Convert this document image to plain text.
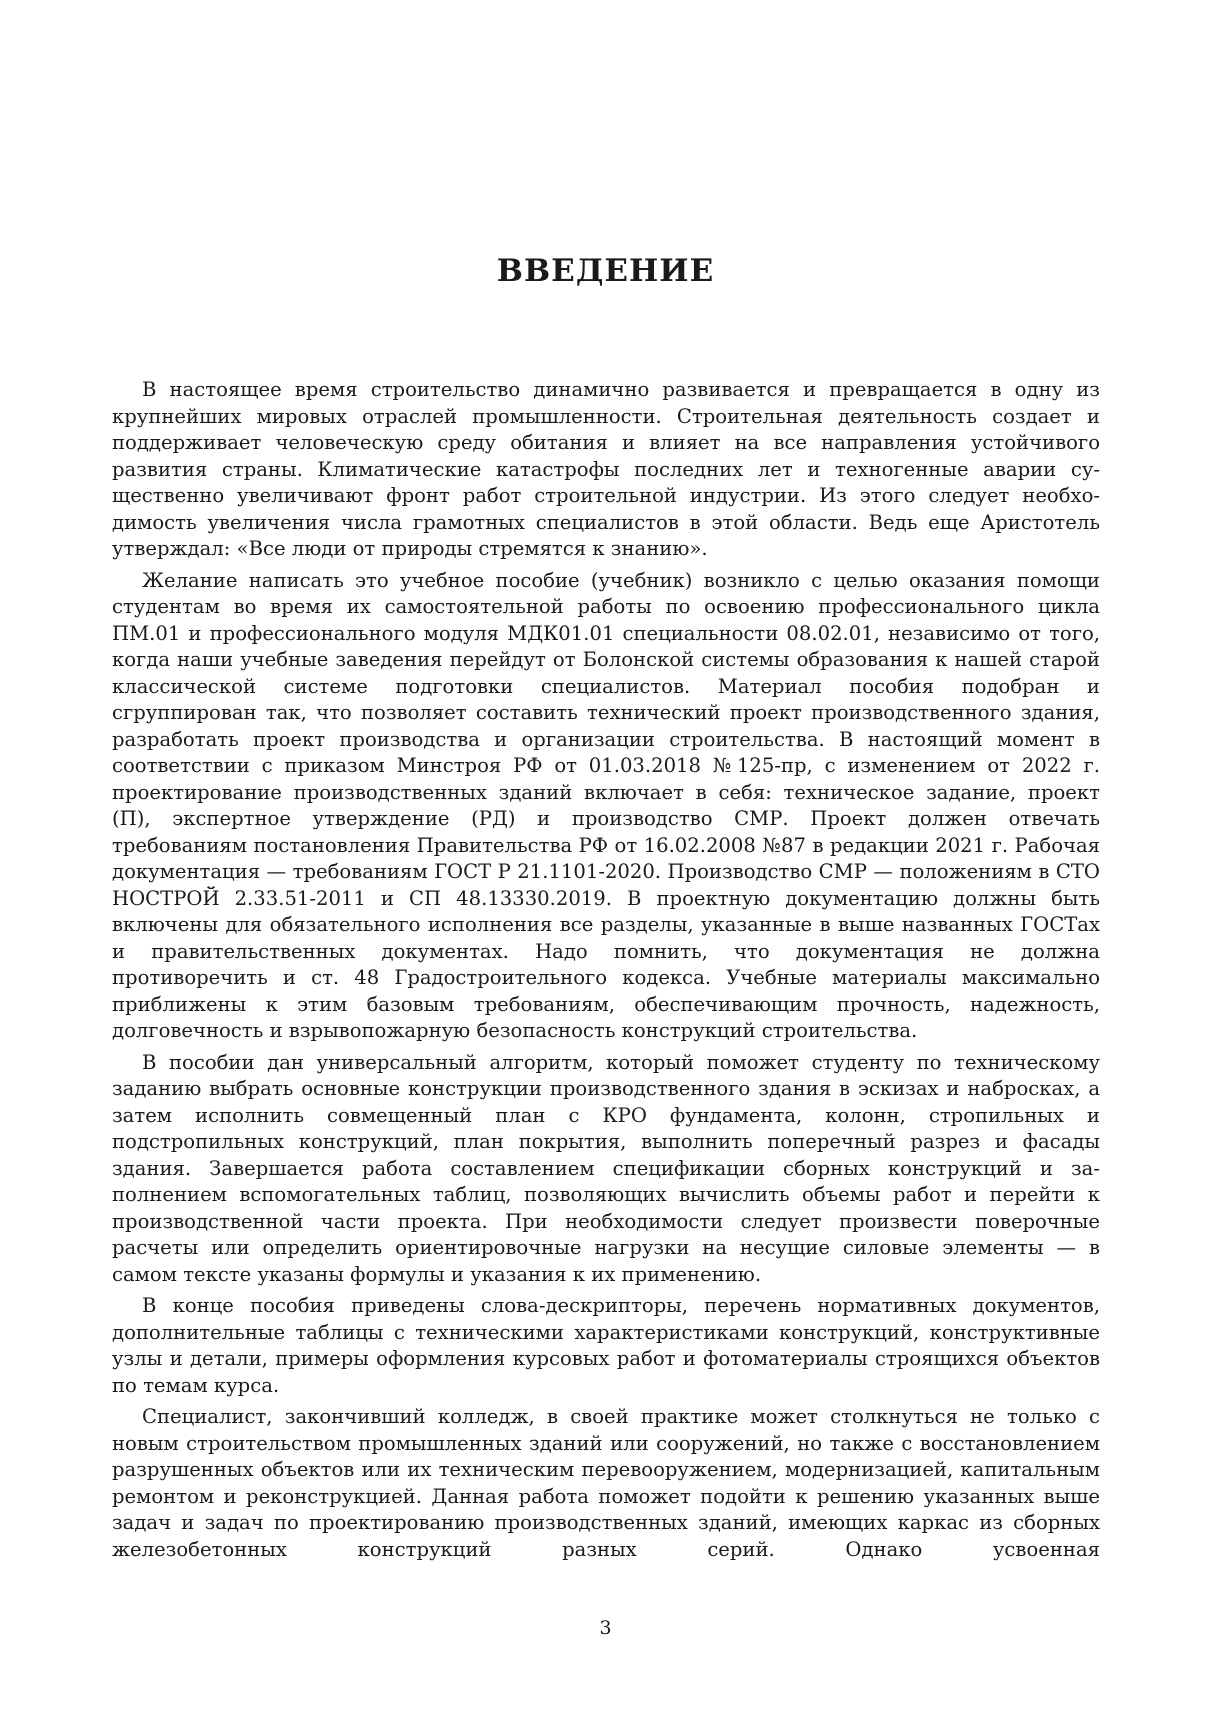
ВВЕДЕНИЕ

В настоящее время строительство динамично развивается и превращается в одну из крупнейших мировых отраслей промышленности. Строительная деятельность создает и поддерживает человеческую среду обитания и влияет на все направления устойчивого развития страны. Климатические катастрофы последних лет и техногенные аварии существенно увеличивают фронт работ строительной индустрии. Из этого следует необходимость увеличения числа грамотных специалистов в этой области. Ведь еще Аристотель утверждал: «Все люди от природы стремятся к знанию».

Желание написать это учебное пособие (учебник) возникло с целью оказания помощи студентам во время их самостоятельной работы по освоению профессионального цикла ПМ.01 и профессионального модуля МДК01.01 специальности 08.02.01, независимо от того, когда наши учебные заведения перейдут от Болонской системы образования к нашей старой классической системе подготовки специалистов. Материал пособия подобран и сгруппирован так, что позволяет составить технический проект производственного здания, разработать проект производства и организации строительства. В настоящий момент в соответствии с приказом Минстроя РФ от 01.03.2018 №125-пр, с изменением от 2022 г. проектирование производственных зданий включает в себя: техническое задание, проект (П), экспертное утверждение (РД) и производство СМР. Проект должен отвечать требованиям постановления Правительства РФ от 16.02.2008 №87 в редакции 2021 г. Рабочая документация — требованиям ГОСТ Р 21.1101-2020. Производство СМР — положениям в СТО НОСТРОЙ 2.33.51-2011 и СП 48.13330.2019. В проектную документацию должны быть включены для обязательного исполнения все разделы, указанные в выше названных ГОСТах и правительственных документах. Надо помнить, что документация не должна противоречить и ст. 48 Градостроительного кодекса. Учебные материалы максимально приближены к этим базовым требованиям, обеспечивающим прочность, надежность, долговечность и взрывопожарную безопасность конструкций строительства.

В пособии дан универсальный алгоритм, который поможет студенту по техническому заданию выбрать основные конструкции производственного здания в эскизах и набросках, а затем исполнить совмещенный план с КРО фундамента, колонн, стропильных и подстропильных конструкций, план покрытия, выполнить поперечный разрез и фасады здания. Завершается работа составлением спецификации сборных конструкций и заполнением вспомогательных таблиц, позволяющих вычислить объемы работ и перейти к производственной части проекта. При необходимости следует произвести поверочные расчеты или определить ориентировочные нагрузки на несущие силовые элементы — в самом тексте указаны формулы и указания к их применению.

В конце пособия приведены слова-дескрипторы, перечень нормативных документов, дополнительные таблицы с техническими характеристиками конструкций, конструктивные узлы и детали, примеры оформления курсовых работ и фотоматериалы строящихся объектов по темам курса.

Специалист, закончивший колледж, в своей практике может столкнуться не только с новым строительством промышленных зданий или сооружений, но также с восстановлением разрушенных объектов или их техническим перевооружением, модернизацией, капитальным ремонтом и реконструкцией. Данная работа поможет подойти к решению указанных выше задач и задач по проектированию производственных зданий, имеющих каркас из сборных железобетонных конструкций разных серий. Однако усвоенная

3
